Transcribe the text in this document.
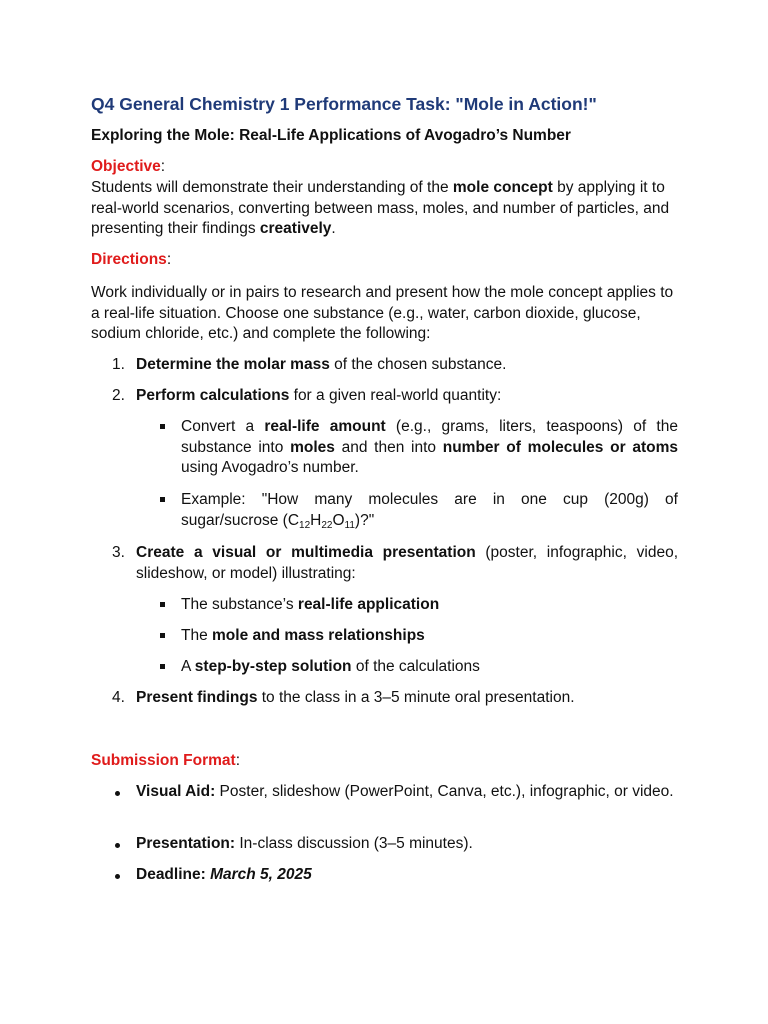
Q4 General Chemistry 1 Performance Task: "Mole in Action!"
Exploring the Mole: Real-Life Applications of Avogadro’s Number
Objective:
Students will demonstrate their understanding of the mole concept by applying it to real-world scenarios, converting between mass, moles, and number of particles, and presenting their findings creatively.
Directions:
Work individually or in pairs to research and present how the mole concept applies to a real-life situation. Choose one substance (e.g., water, carbon dioxide, glucose, sodium chloride, etc.) and complete the following:
1. Determine the molar mass of the chosen substance.
2. Perform calculations for a given real-world quantity:
Convert a real-life amount (e.g., grams, liters, teaspoons) of the substance into moles and then into number of molecules or atoms using Avogadro’s number.
Example: "How many molecules are in one cup (200g) of
sugar/sucrose $(C_{12}H_{22}O_{11})$?"
3. Create a visual or multimedia presentation (poster, infographic, video, slideshow, or model) illustrating:
The substance’s real-life application
The mole and mass relationships
A step-by-step solution of the calculations
4. Present findings to the class in a 3–5 minute oral presentation.
Submission Format:
Visual Aid: Poster, slideshow (PowerPoint, Canva, etc.), infographic, or video.
Presentation: In-class discussion (3–5 minutes).
Deadline: March 5, 2025
